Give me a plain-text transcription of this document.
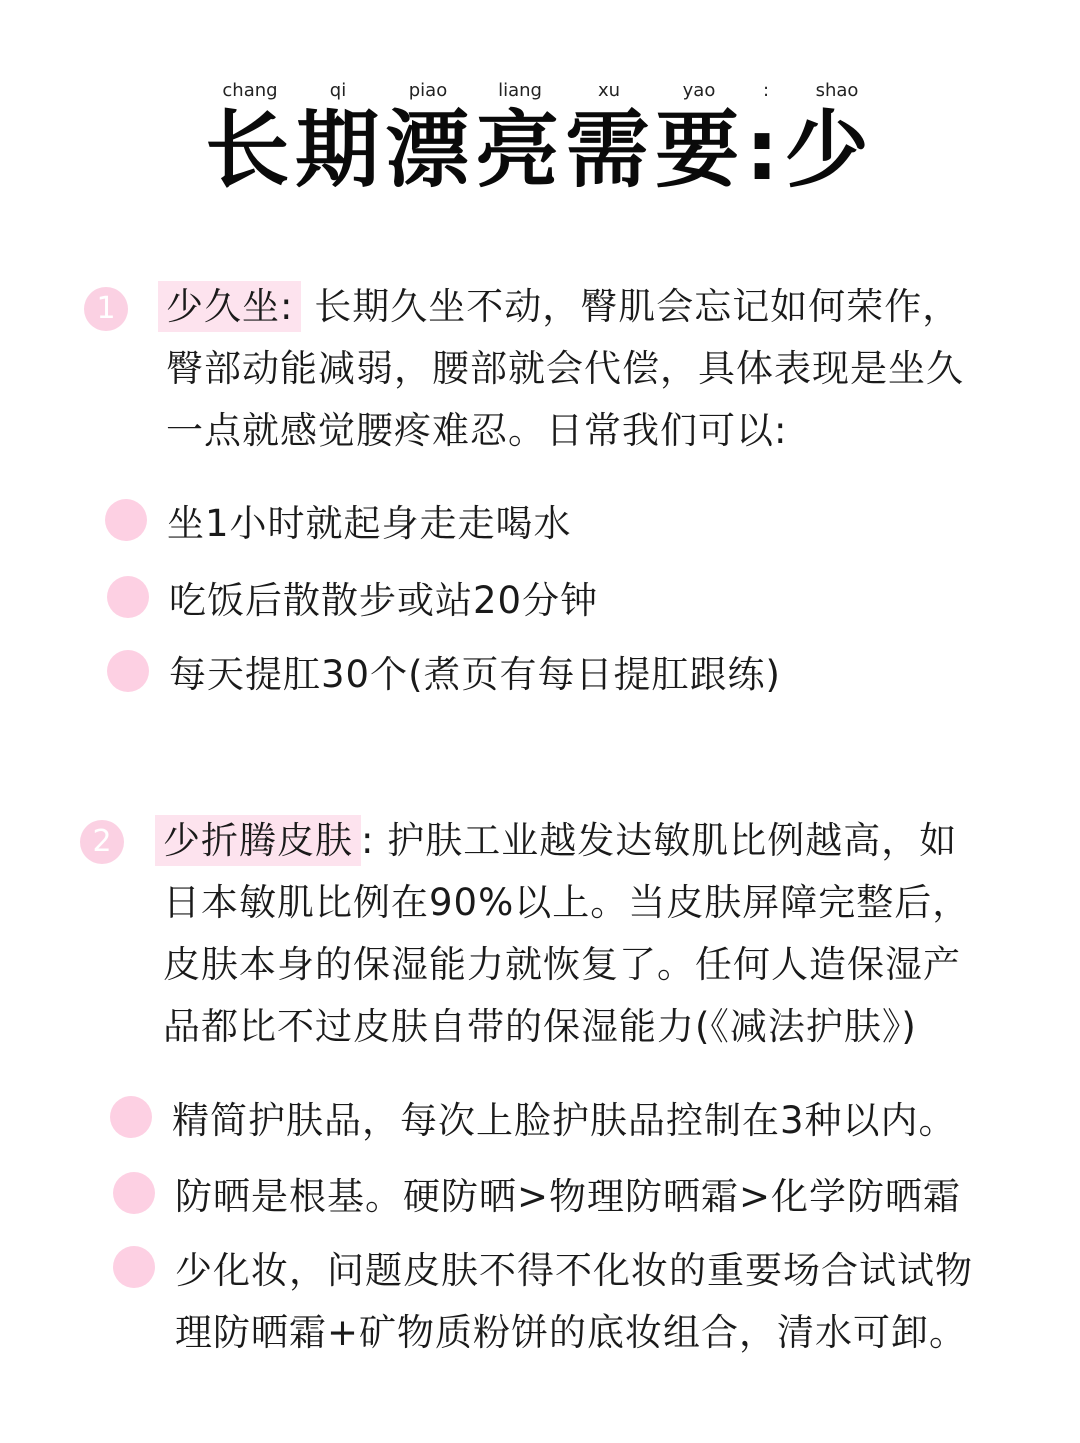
chang	qi	piao	liang	xu	yao	:	shao
长期漂亮需要:少
1	少久坐: 长期久坐不动，臀肌会忘记如何荣作，臀部动能减弱，腰部就会代偿，具体表现是坐久一点就感觉腰疼难忍。日常我们可以:
坐1小时就起身走走喝水
吃饭后散散步或站20分钟
每天提肛30个(煮页有每日提肛跟练)
2	少折腾皮肤 : 护肤工业越发达敏肌比例越高，如日本敏肌比例在90%以上。当皮肤屏障完整后，皮肤本身的保湿能力就恢复了。任何人造保湿产品都比不过皮肤自带的保湿能力(《减法护肤》)
精简护肤品，每次上脸护肤品控制在3种以内。
防晒是根基。硬防晒>物理防晒霜>化学防晒霜
少化妆，问题皮肤不得不化妆的重要场合试试物理防晒霜+矿物质粉饼的底妆组合，清水可卸。
